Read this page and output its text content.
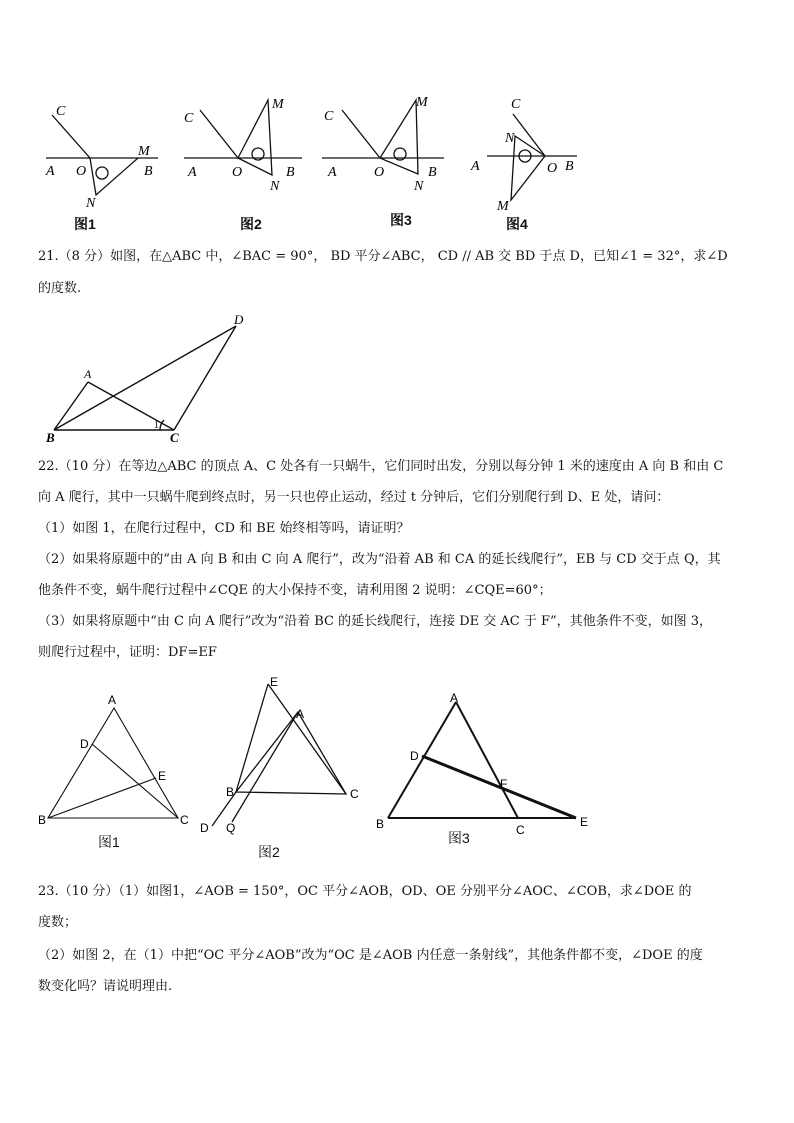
C
A O
M
B
N
图1
C
A	O
M
B
N
图2
C
A	O
M
B
N
图3
C
A
N
O B
M
图4
21.（8 分）如图，在△ABC 中，∠BAC = 90°， BD 平分∠ABC， CD // AB 交 BD 于点 D，已知∠1 = 32°，求∠D
的度数.
D
A
B	C
1
22.（10 分）在等边△ABC 的顶点 A、C 处各有一只蜗牛，它们同时出发，分别以每分钟 1 米的速度由 A 向 B 和由 C
向 A 爬行，其中一只蜗牛爬到终点时，另一只也停止运动，经过 t 分钟后，它们分别爬行到 D、E 处，请问：
（1）如图 1，在爬行过程中，CD 和 BE 始终相等吗，请证明？
（2）如果将原题中的“由 A 向 B 和由 C 向 A 爬行”，改为“沿着 AB 和 CA 的延长线爬行”，EB 与 CD 交于点 Q，其
他条件不变，蜗牛爬行过程中∠CQE 的大小保持不变，请利用图 2 说明：∠CQE=60°；
（3）如果将原题中“由 C 向 A 爬行”改为“沿着 BC 的延长线爬行，连接 DE 交 AC 于 F”，其他条件不变，如图 3，
则爬行过程中，证明：DF=EF
A
D
E
B	C
图1
E
A
B	C
D Q
图2
A
D
F
B	C
E
图3
23.（10 分）（1）如图1，∠AOB = 150°，OC 平分∠AOB，OD、OE 分别平分∠AOC、∠COB，求∠DOE 的
度数；
（2）如图 2，在（1）中把“OC 平分∠AOB”改为“OC 是∠AOB 内任意一条射线”，其他条件都不变，∠DOE 的度
数变化吗？请说明理由.
